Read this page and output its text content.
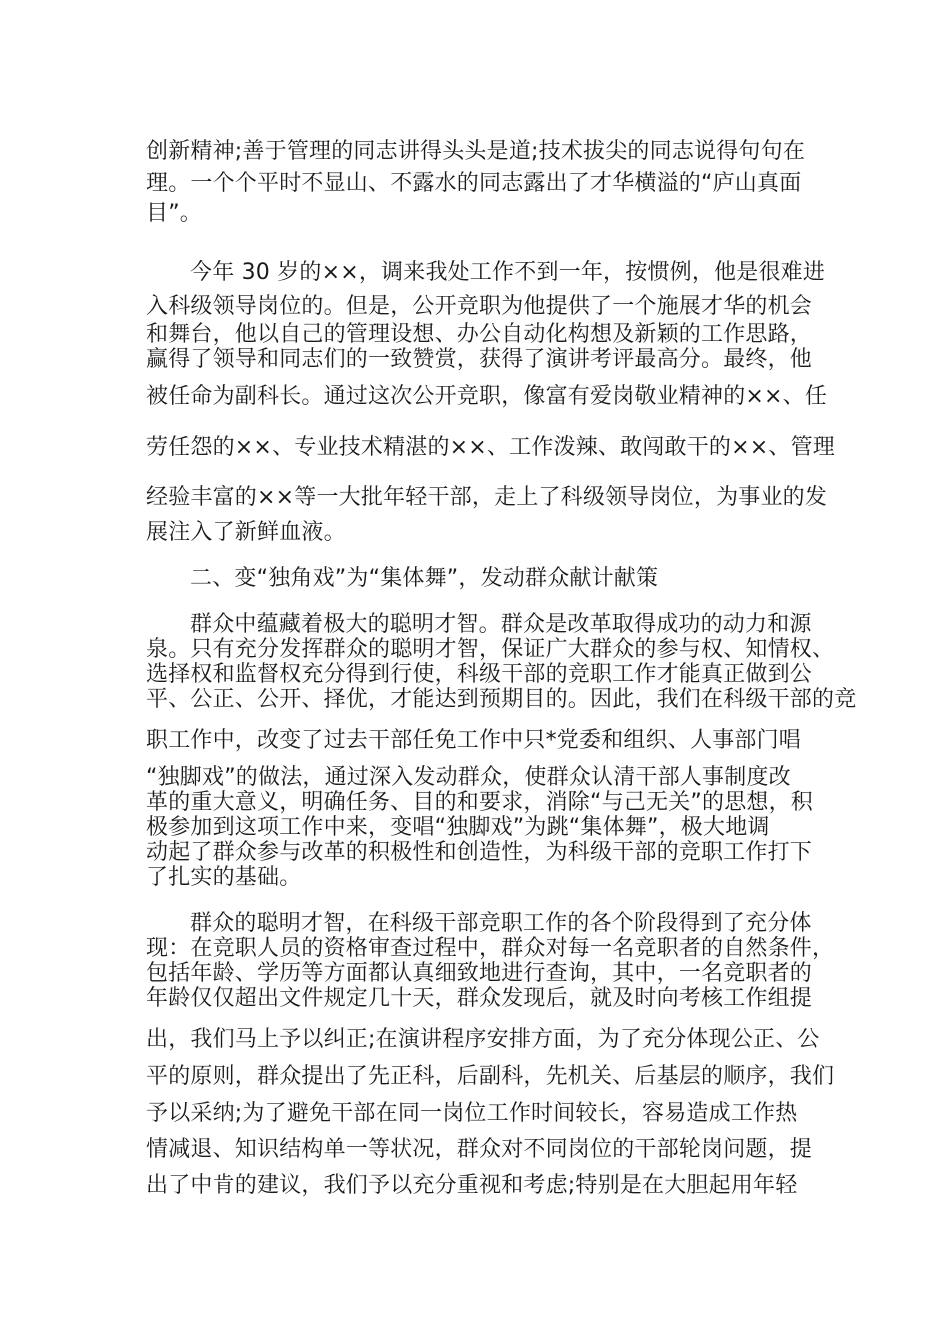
创新精神;善于管理的同志讲得头头是道;技术拔尖的同志说得句句在
理。一个个平时不显山、不露水的同志露出了才华横溢的“庐山真面
目”。
今年 30 岁的××，调来我处工作不到一年，按惯例，他是很难进
入科级领导岗位的。但是，公开竞职为他提供了一个施展才华的机会
和舞台，他以自己的管理设想、办公自动化构想及新颖的工作思路，
赢得了领导和同志们的一致赞赏，获得了演讲考评最高分。最终，他
被任命为副科长。通过这次公开竞职，像富有爱岗敬业精神的××、任
劳任怨的××、专业技术精湛的××、工作泼辣、敢闯敢干的××、管理
经验丰富的××等一大批年轻干部，走上了科级领导岗位，为事业的发
展注入了新鲜血液。
二、变“独角戏”为“集体舞”，发动群众献计献策
群众中蕴藏着极大的聪明才智。群众是改革取得成功的动力和源
泉。只有充分发挥群众的聪明才智，保证广大群众的参与权、知情权、
选择权和监督权充分得到行使，科级干部的竞职工作才能真正做到公
平、公正、公开、择优，才能达到预期目的。因此，我们在科级干部的竞
职工作中，改变了过去干部任免工作中只*党委和组织、人事部门唱
“独脚戏”的做法，通过深入发动群众，使群众认清干部人事制度改
革的重大意义，明确任务、目的和要求，消除“与己无关”的思想，积
极参加到这项工作中来，变唱“独脚戏”为跳“集体舞”，极大地调
动起了群众参与改革的积极性和创造性，为科级干部的竞职工作打下
了扎实的基础。
群众的聪明才智，在科级干部竞职工作的各个阶段得到了充分体
现：在竞职人员的资格审查过程中，群众对每一名竞职者的自然条件，
包括年龄、学历等方面都认真细致地进行查询，其中，一名竞职者的
年龄仅仅超出文件规定几十天，群众发现后，就及时向考核工作组提
出，我们马上予以纠正;在演讲程序安排方面，为了充分体现公正、公
平的原则，群众提出了先正科，后副科，先机关、后基层的顺序，我们
予以采纳;为了避免干部在同一岗位工作时间较长，容易造成工作热
情减退、知识结构单一等状况，群众对不同岗位的干部轮岗问题，提
出了中肯的建议，我们予以充分重视和考虑;特别是在大胆起用年轻
